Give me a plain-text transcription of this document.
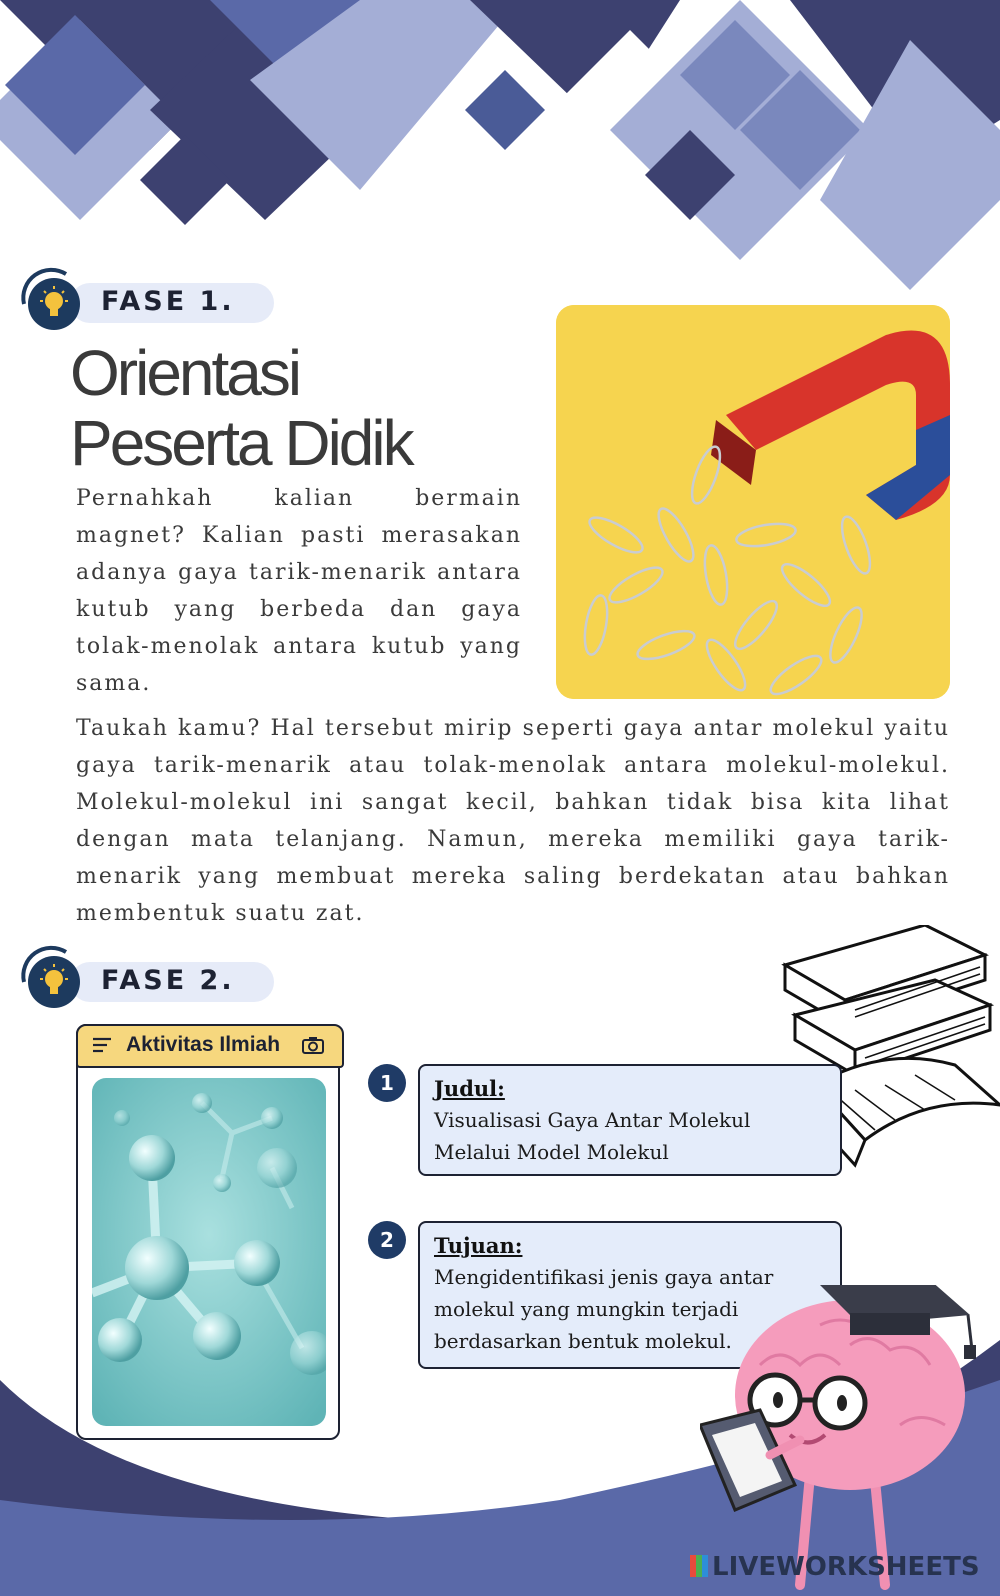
FASE 1.
Orientasi
Peserta Didik
Pernahkah kalian bermain magnet? Kalian pasti merasakan adanya gaya tarik-menarik antara kutub yang berbeda dan gaya tolak-menolak antara kutub yang sama.
Taukah kamu? Hal tersebut mirip seperti gaya antar molekul yaitu gaya tarik-menarik atau tolak-menolak antara molekul-molekul. Molekul-molekul ini sangat kecil, bahkan tidak bisa kita lihat dengan mata telanjang. Namun, mereka memiliki gaya tarik-menarik yang membuat mereka saling berdekatan atau bahkan membentuk suatu zat.
FASE 2.
Aktivitas Ilmiah
1	Judul:
Visualisasi Gaya Antar Molekul Melalui Model Molekul
2	Tujuan:
Mengidentifikasi jenis gaya antar molekul yang mungkin terjadi berdasarkan bentuk molekul.
LIVEWORKSHEETS
